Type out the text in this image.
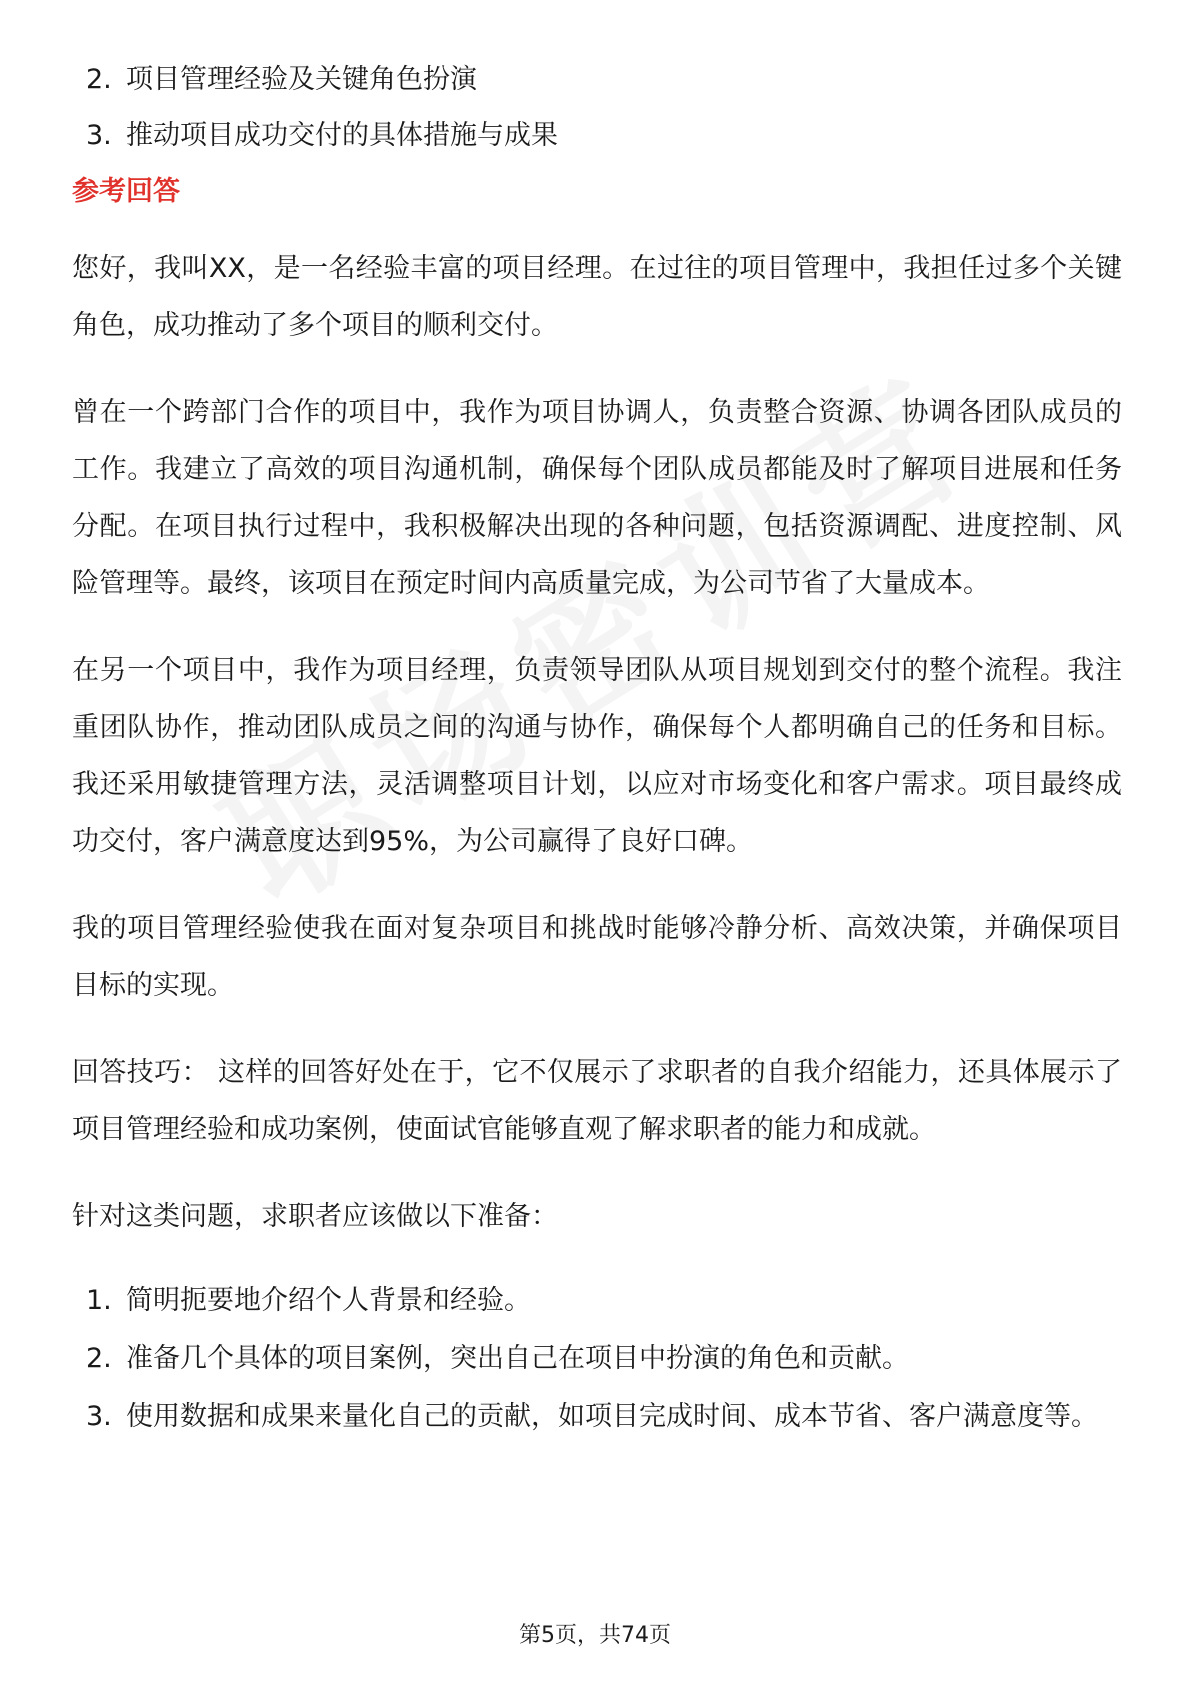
2. 项目管理经验及关键角色扮演
3. 推动项目成功交付的具体措施与成果
参考回答

您好，我叫XX，是一名经验丰富的项目经理。在过往的项目管理中，我担任过多个关键角色，成功推动了多个项目的顺利交付。

曾在一个跨部门合作的项目中，我作为项目协调人，负责整合资源、协调各团队成员的工作。我建立了高效的项目沟通机制，确保每个团队成员都能及时了解项目进展和任务分配。在项目执行过程中，我积极解决出现的各种问题，包括资源调配、进度控制、风险管理等。最终，该项目在预定时间内高质量完成，为公司节省了大量成本。

在另一个项目中，我作为项目经理，负责领导团队从项目规划到交付的整个流程。我注重团队协作，推动团队成员之间的沟通与协作，确保每个人都明确自己的任务和目标。我还采用敏捷管理方法，灵活调整项目计划，以应对市场变化和客户需求。项目最终成功交付，客户满意度达到95%，为公司赢得了良好口碑。

我的项目管理经验使我在面对复杂项目和挑战时能够冷静分析、高效决策，并确保项目目标的实现。

回答技巧： 这样的回答好处在于，它不仅展示了求职者的自我介绍能力，还具体展示了项目管理经验和成功案例，使面试官能够直观了解求职者的能力和成就。

针对这类问题，求职者应该做以下准备：

1. 简明扼要地介绍个人背景和经验。
2. 准备几个具体的项目案例，突出自己在项目中扮演的角色和贡献。
3. 使用数据和成果来量化自己的贡献，如项目完成时间、成本节省、客户满意度等。
第5页，共74页
